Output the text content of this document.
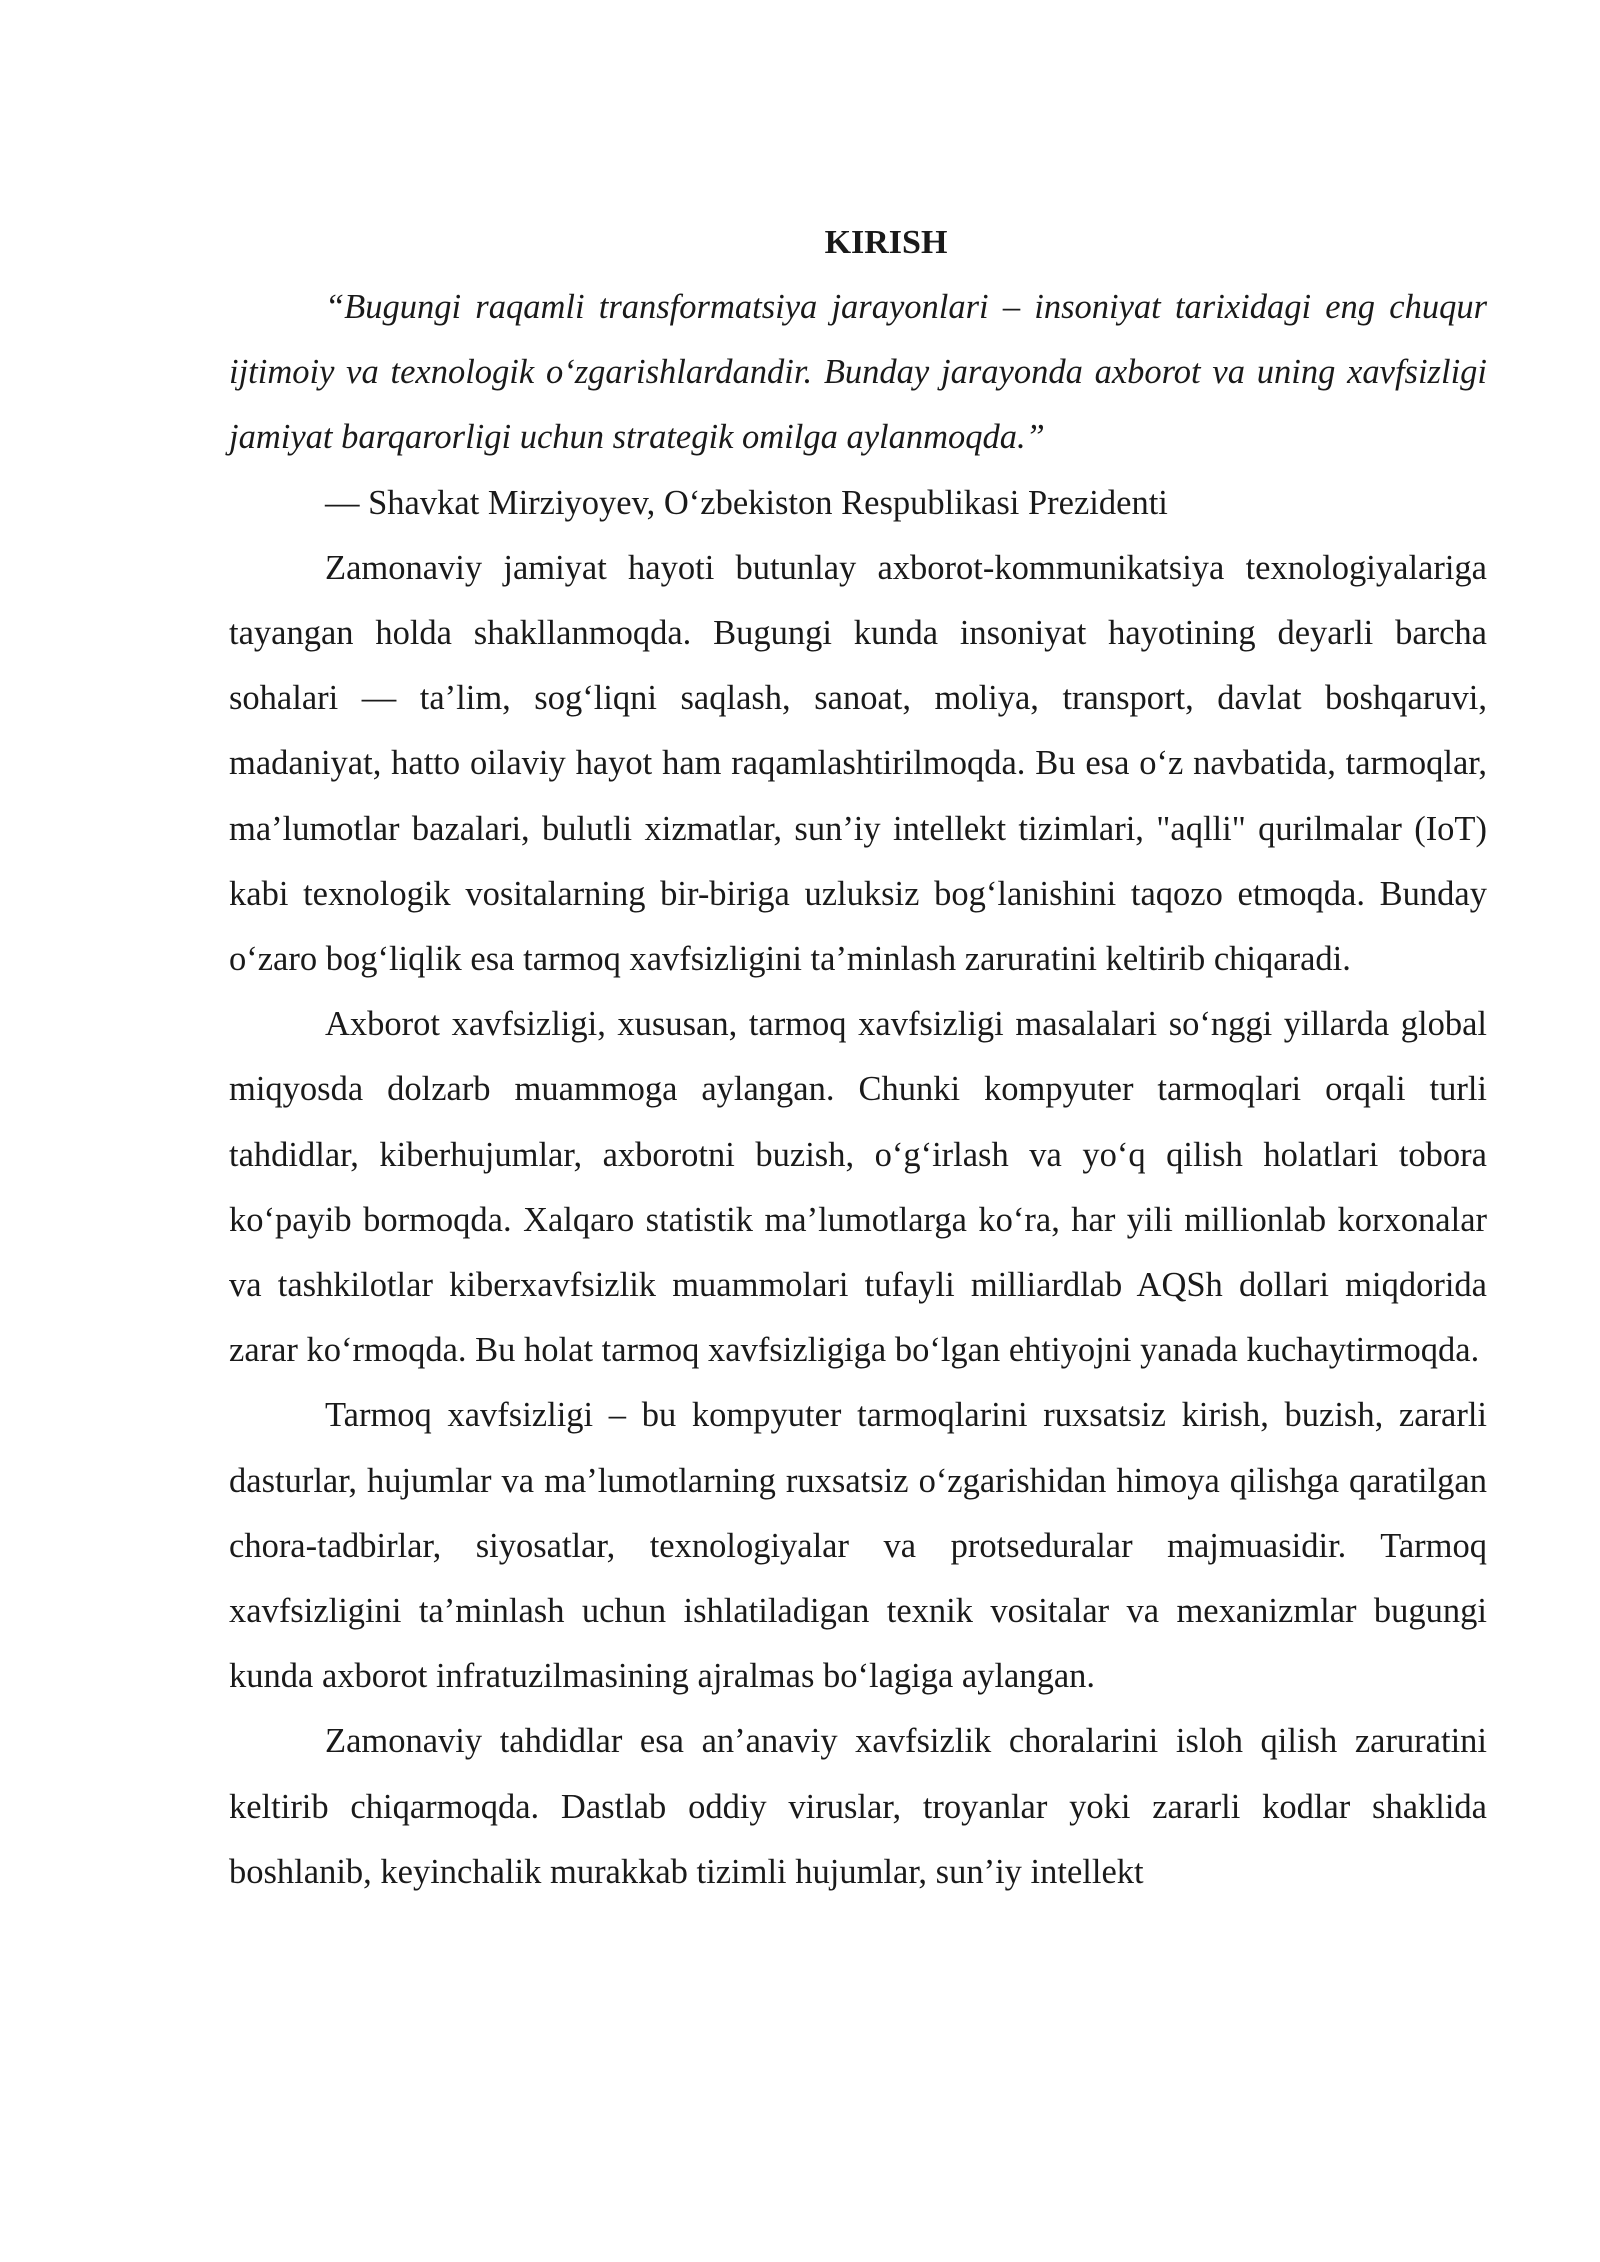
KIRISH

“Bugungi raqamli transformatsiya jarayonlari – insoniyat tarixidagi eng chuqur ijtimoiy va texnologik o‘zgarishlardandir. Bunday jarayonda axborot va uning xavfsizligi jamiyat barqarorligi uchun strategik omilga aylanmoqda.”

— Shavkat Mirziyoyev, O‘zbekiston Respublikasi Prezidenti

Zamonaviy jamiyat hayoti butunlay axborot-kommunikatsiya texnologiyalariga tayangan holda shakllanmoqda. Bugungi kunda insoniyat hayotining deyarli barcha sohalari — ta’lim, sog‘liqni saqlash, sanoat, moliya, transport, davlat boshqaruvi, madaniyat, hatto oilaviy hayot ham raqamlashtirilmoqda. Bu esa o‘z navbatida, tarmoqlar, ma’lumotlar bazalari, bulutli xizmatlar, sun’iy intellekt tizimlari, "aqlli" qurilmalar (IoT) kabi texnologik vositalarning bir-biriga uzluksiz bog‘lanishini taqozo etmoqda. Bunday o‘zaro bog‘liqlik esa tarmoq xavfsizligini ta’minlash zaruratini keltirib chiqaradi.

Axborot xavfsizligi, xususan, tarmoq xavfsizligi masalalari so‘nggi yillarda global miqyosda dolzarb muammoga aylangan. Chunki kompyuter tarmoqlari orqali turli tahdidlar, kiberhujumlar, axborotni buzish, o‘g‘irlash va yo‘q qilish holatlari tobora ko‘payib bormoqda. Xalqaro statistik ma’lumotlarga ko‘ra, har yili millionlab korxonalar va tashkilotlar kiberxavfsizlik muammolari tufayli milliardlab AQSh dollari miqdorida zarar ko‘rmoqda. Bu holat tarmoq xavfsizligiga bo‘lgan ehtiyojni yanada kuchaytirmoqda.

Tarmoq xavfsizligi – bu kompyuter tarmoqlarini ruxsatsiz kirish, buzish, zararli dasturlar, hujumlar va ma’lumotlarning ruxsatsiz o‘zgarishidan himoya qilishga qaratilgan chora-tadbirlar, siyosatlar, texnologiyalar va protseduralar majmuasidir. Tarmoq xavfsizligini ta’minlash uchun ishlatiladigan texnik vositalar va mexanizmlar bugungi kunda axborot infratuzilmasining ajralmas bo‘lagiga aylangan.

Zamonaviy tahdidlar esa an’anaviy xavfsizlik choralarini isloh qilish zaruratini keltirib chiqarmoqda. Dastlab oddiy viruslar, troyanlar yoki zararli kodlar shaklida boshlanib, keyinchalik murakkab tizimli hujumlar, sun’iy intellekt
